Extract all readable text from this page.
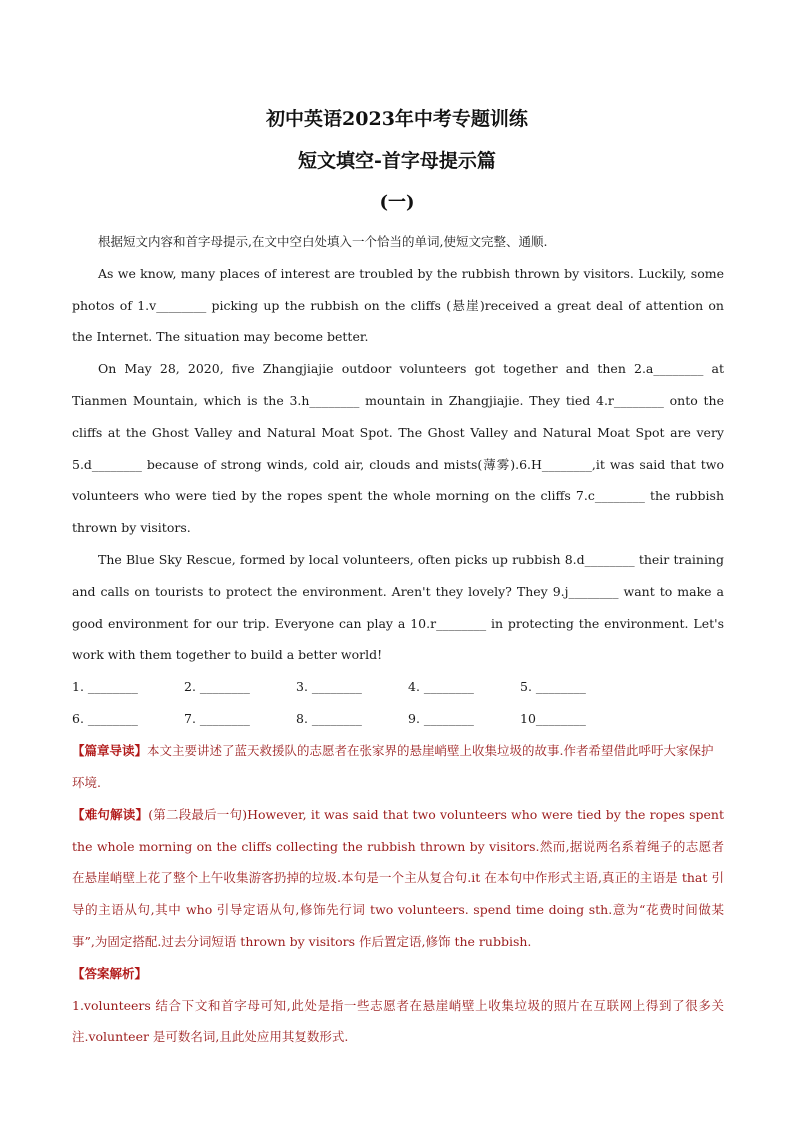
初中英语2023年中考专题训练
短文填空-首字母提示篇
(一)

根据短文内容和首字母提示,在文中空白处填入一个恰当的单词,使短文完整、通顺.

As we know, many places of interest are troubled by the rubbish thrown by visitors. Luckily, some photos of 1.v________ picking up the rubbish on the cliffs (悬崖)received a great deal of attention on the Internet. The situation may become better.

On May 28, 2020, five Zhangjiajie outdoor volunteers got together and then 2.a________ at Tianmen Mountain, which is the 3.h________ mountain in Zhangjiajie. They tied 4.r________ onto the cliffs at the Ghost Valley and Natural Moat Spot. The Ghost Valley and Natural Moat Spot are very 5.d________ because of strong winds, cold air, clouds and mists(薄雾).6.H________,it was said that two volunteers who were tied by the ropes spent the whole morning on the cliffs 7.c________ the rubbish thrown by visitors.

The Blue Sky Rescue, formed by local volunteers, often picks up rubbish 8.d________ their training and calls on tourists to protect the environment. Aren't they lovely? They 9.j________ want to make a good environment for our trip. Everyone can play a 10.r________ in protecting the environment. Let's work with them together to build a better world!

1. ________	2. ________	3. ________	4. ________	5. ________
6. ________	7. ________	8. ________	9. ________	10________

【篇章导读】本文主要讲述了蓝天救援队的志愿者在张家界的悬崖峭壁上收集垃圾的故事.作者希望借此呼吁大家保护环境.

【难句解读】(第二段最后一句)However, it was said that two volunteers who were tied by the ropes spent the whole morning on the cliffs collecting the rubbish thrown by visitors.然而,据说两名系着绳子的志愿者在悬崖峭壁上花了整个上午收集游客扔掉的垃圾.本句是一个主从复合句.it 在本句中作形式主语,真正的主语是 that 引导的主语从句,其中 who 引导定语从句,修饰先行词 two volunteers. spend time doing sth.意为“花费时间做某事”,为固定搭配.过去分词短语 thrown by visitors 作后置定语,修饰 the rubbish.

【答案解析】

1.volunteers 结合下文和首字母可知,此处是指一些志愿者在悬崖峭壁上收集垃圾的照片在互联网上得到了很多关注.volunteer 是可数名词,且此处应用其复数形式.
